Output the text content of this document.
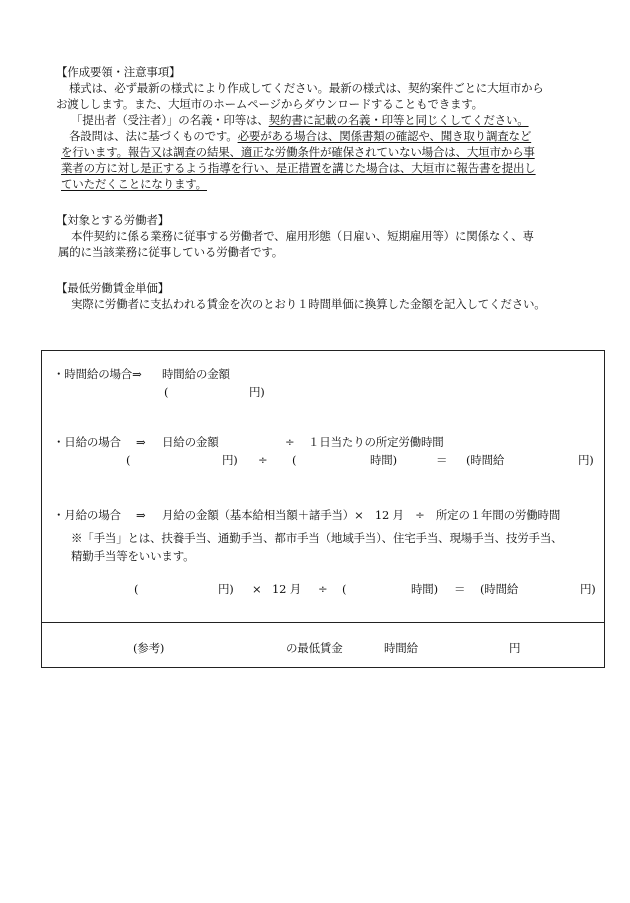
【作成要領・注意事項】
様式は、必ず最新の様式により作成してください。最新の様式は、契約案件ごとに大垣市から
お渡しします。また、大垣市のホームページからダウンロードすることもできます。
「提出者（受注者）」の名義・印等は、契約書に記載の名義・印等と同じくしてください。
各設問は、法に基づくものです。必要がある場合は、関係書類の確認や、聞き取り調査など
を行います。報告又は調査の結果、適正な労働条件が確保されていない場合は、大垣市から事
業者の方に対し是正するよう指導を行い、是正措置を講じた場合は、大垣市に報告書を提出し
ていただくことになります。
【対象とする労働者】
本件契約に係る業務に従事する労働者で、雇用形態（日雇い、短期雇用等）に関係なく、専
属的に当該業務に従事している労働者です。
【最低労働賃金単価】
実際に労働者に支払われる賃金を次のとおり１時間単価に換算した金額を記入してください。
・時間給の場合⇒ 時間給の金額
(	円)
・日給の場合 ⇒ 日給の金額	÷ １日当たりの所定労働時間
(	円) ÷ (	時間)	＝ (時間給	円)
・月給の場合 ⇒ 月給の金額（基本給相当額＋諸手当）×　12 月　÷　所定の１年間の労働時間
※「手当」とは、扶養手当、通勤手当、都市手当（地域手当）、住宅手当、現場手当、技労手当、
精勤手当等をいいます。
(	円) × 12 月 ÷ (	時間) ＝ (時間給	円)
(参考)	の最低賃金	時間給	円
